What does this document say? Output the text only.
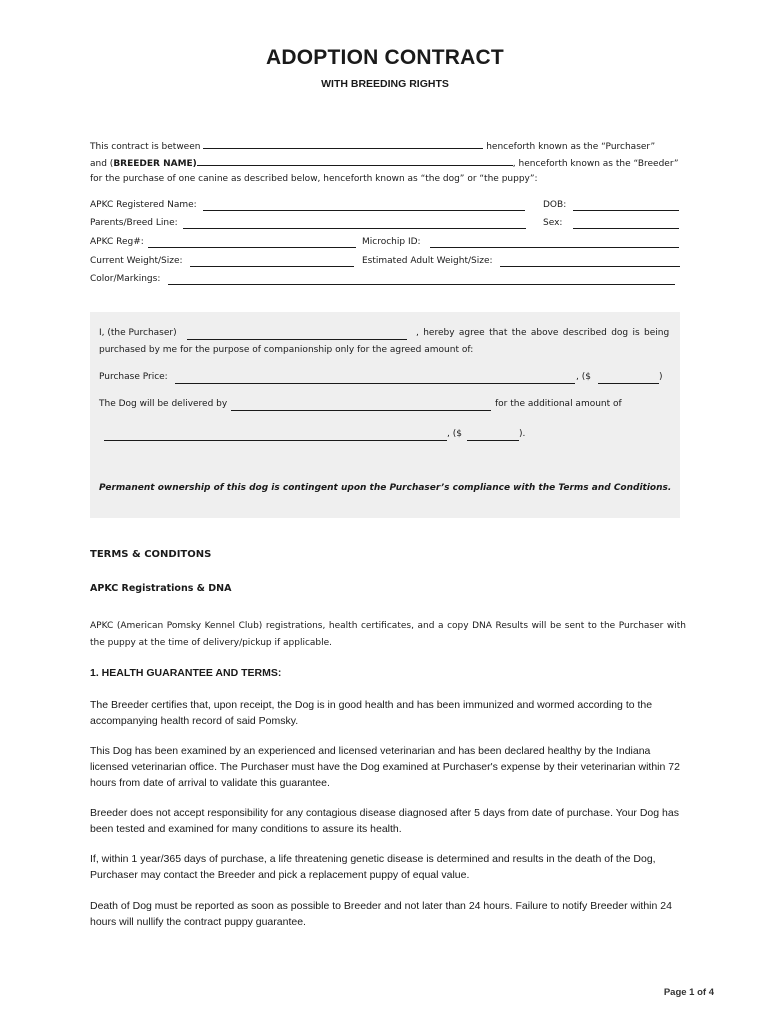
ADOPTION CONTRACT
WITH BREEDING RIGHTS
This contract is between	henceforth known as the “Purchaser”
and (BREEDER NAME)	, henceforth known as the “Breeder”
for the purchase of one canine as described below, henceforth known as “the dog” or “the puppy”:
APKC Registered Name:	DOB:
Parents/Breed Line:	Sex:
APKC Reg#:	Microchip ID:
Current Weight/Size:	Estimated Adult Weight/Size:
Color/Markings:
I, (the Purchaser)	, hereby agree that the above described dog is being
purchased by me for the purpose of companionship only for the agreed amount of:
Purchase Price:	, ($	)
The Dog will be delivered by	for the additional amount of
, ($	).
Permanent ownership of this dog is contingent upon the Purchaser’s compliance with the Terms and Conditions.
TERMS & CONDITONS
APKC Registrations & DNA
APKC (American Pomsky Kennel Club) registrations, health certificates, and a copy DNA Results will be sent to the Purchaser with the puppy at the time of delivery/pickup if applicable.
1. HEALTH GUARANTEE AND TERMS:
The Breeder certifies that, upon receipt, the Dog is in good health and has been immunized and wormed according to the accompanying health record of said Pomsky.
This Dog has been examined by an experienced and licensed veterinarian and has been declared healthy by the Indiana licensed veterinarian office. The Purchaser must have the Dog examined at Purchaser's expense by their veterinarian within 72 hours from date of arrival to validate this guarantee.
Breeder does not accept responsibility for any contagious disease diagnosed after 5 days from date of purchase. Your Dog has been tested and examined for many conditions to assure its health.
If, within 1 year/365 days of purchase, a life threatening genetic disease is determined and results in the death of the Dog, Purchaser may contact the Breeder and pick a replacement puppy of equal value.
Death of Dog must be reported as soon as possible to Breeder and not later than 24 hours. Failure to notify Breeder within 24 hours will nullify the contract puppy guarantee.
Page 1 of 4
